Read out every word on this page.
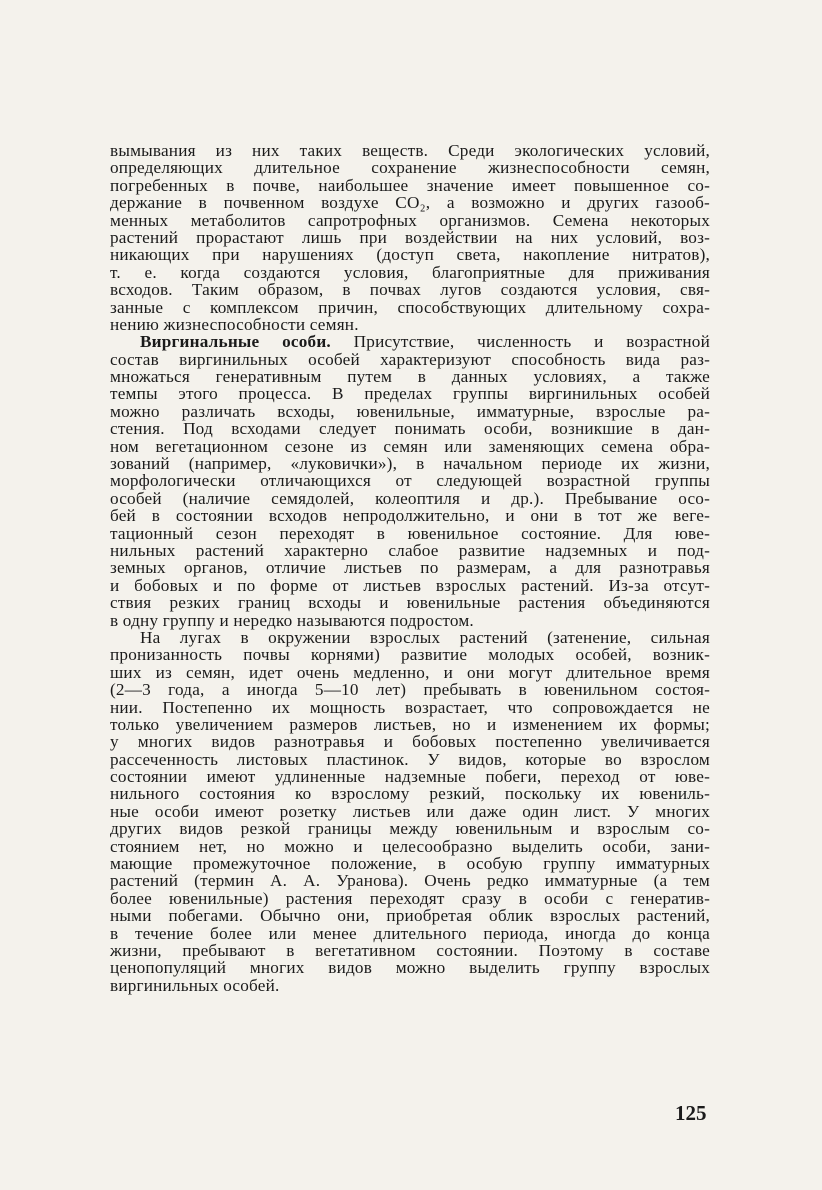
вымывания из них таких веществ. Среди экологических условий,
определяющих длительное сохранение жизнеспособности семян,
погребенных в почве, наибольшее значение имеет повышенное со-
держание в почвенном воздухе CO₂, а возможно и других газооб-
менных метаболитов сапротрофных организмов. Семена некоторых
растений прорастают лишь при воздействии на них условий, воз-
никающих при нарушениях (доступ света, накопление нитратов),
т. е. когда создаются условия, благоприятные для приживания
всходов. Таким образом, в почвах лугов создаются условия, свя-
занные с комплексом причин, способствующих длительному сохра-
нению жизнеспособности семян.
Виргинальные особи. Присутствие, численность и возрастной
состав виргинильных особей характеризуют способность вида раз-
множаться генеративным путем в данных условиях, а также
темпы этого процесса. В пределах группы виргинильных особей
можно различать всходы, ювенильные, имматурные, взрослые ра-
стения. Под всходами следует понимать особи, возникшие в дан-
ном вегетационном сезоне из семян или заменяющих семена обра-
зований (например, «луковички»), в начальном периоде их жизни,
морфологически отличающихся от следующей возрастной группы
особей (наличие семядолей, колеоптиля и др.). Пребывание осо-
бей в состоянии всходов непродолжительно, и они в тот же веге-
тационный сезон переходят в ювенильное состояние. Для юве-
нильных растений характерно слабое развитие надземных и под-
земных органов, отличие листьев по размерам, а для разнотравья
и бобовых и по форме от листьев взрослых растений. Из-за отсут-
ствия резких границ всходы и ювенильные растения объединяются
в одну группу и нередко называются подростом.
На лугах в окружении взрослых растений (затенение, сильная
пронизанность почвы корнями) развитие молодых особей, возник-
ших из семян, идет очень медленно, и они могут длительное время
(2—3 года, а иногда 5—10 лет) пребывать в ювенильном состоя-
нии. Постепенно их мощность возрастает, что сопровождается не
только увеличением размеров листьев, но и изменением их формы;
у многих видов разнотравья и бобовых постепенно увеличивается
рассеченность листовых пластинок. У видов, которые во взрослом
состоянии имеют удлиненные надземные побеги, переход от юве-
нильного состояния ко взрослому резкий, поскольку их ювениль-
ные особи имеют розетку листьев или даже один лист. У многих
других видов резкой границы между ювенильным и взрослым со-
стоянием нет, но можно и целесообразно выделить особи, зани-
мающие промежуточное положение, в особую группу имматурных
растений (термин А. А. Уранова). Очень редко имматурные (а тем
более ювенильные) растения переходят сразу в особи с генератив-
ными побегами. Обычно они, приобретая облик взрослых растений,
в течение более или менее длительного периода, иногда до конца
жизни, пребывают в вегетативном состоянии. Поэтому в составе
ценопопуляций многих видов можно выделить группу взрослых
виргинильных особей.
125
